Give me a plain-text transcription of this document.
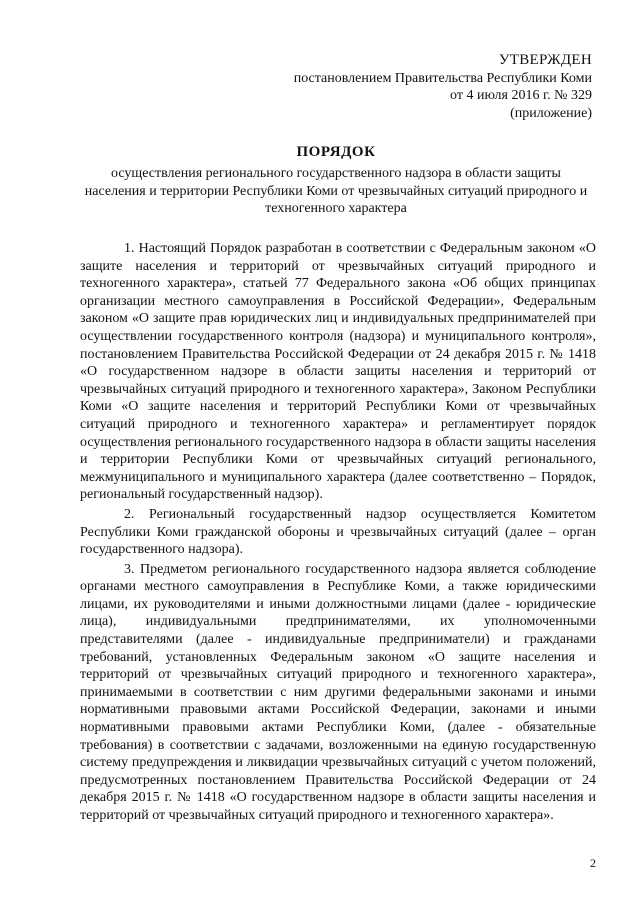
УТВЕРЖДЕН
постановлением Правительства Республики Коми
от 4 июля 2016 г. № 329
(приложение)
ПОРЯДОК
осуществления регионального государственного надзора в области защиты населения и территории Республики Коми от чрезвычайных ситуаций природного и техногенного характера

1. Настоящий Порядок разработан в соответствии с Федеральным законом «О защите населения и территорий от чрезвычайных ситуаций природного и техногенного характера», статьей 77 Федерального закона «Об общих принципах организации местного самоуправления в Российской Федерации», Федеральным законом «О защите прав юридических лиц и индивидуальных предпринимателей при осуществлении государственного контроля (надзора) и муниципального контроля», постановлением Правительства Российской Федерации от 24 декабря 2015 г. № 1418 «О государственном надзоре в области защиты населения и территорий от чрезвычайных ситуаций природного и техногенного характера», Законом Республики Коми «О защите населения и территорий Республики Коми от чрезвычайных ситуаций природного и техногенного характера» и регламентирует порядок осуществления регионального государственного надзора в области защиты населения и территории Республики Коми от чрезвычайных ситуаций регионального, межмуниципального и муниципального характера (далее соответственно – Порядок, региональный государственный надзор).

2. Региональный государственный надзор осуществляется Комитетом Республики Коми гражданской обороны и чрезвычайных ситуаций (далее – орган государственного надзора).

3. Предметом регионального государственного надзора является соблюдение органами местного самоуправления в Республике Коми, а также юридическими лицами, их руководителями и иными должностными лицами (далее - юридические лица), индивидуальными предпринимателями, их уполномоченными представителями (далее - индивидуальные предприниматели) и гражданами требований, установленных Федеральным законом «О защите населения и территорий от чрезвычайных ситуаций природного и техногенного характера», принимаемыми в соответствии с ним другими федеральными законами и иными нормативными правовыми актами Российской Федерации, законами и иными нормативными правовыми актами Республики Коми, (далее - обязательные требования) в соответствии с задачами, возложенными на единую государственную систему предупреждения и ликвидации чрезвычайных ситуаций с учетом положений, предусмотренных постановлением Правительства Российской Федерации от 24 декабря 2015 г. № 1418 «О государственном надзоре в области защиты населения и территорий от чрезвычайных ситуаций природного и техногенного характера».

2
